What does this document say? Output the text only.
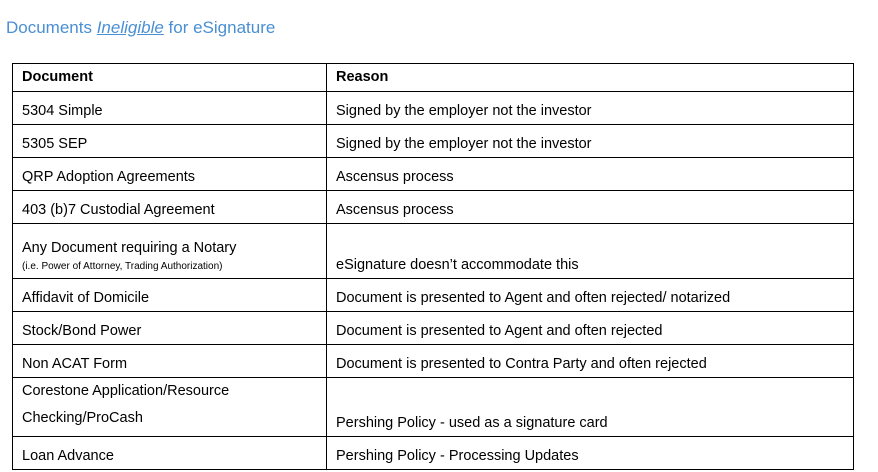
Documents Ineligible for eSignature
Document	Reason
5304 Simple	Signed by the employer not the investor
5305 SEP	Signed by the employer not the investor
QRP Adoption Agreements	Ascensus process
403 (b)7 Custodial Agreement	Ascensus process
Any Document requiring a Notary
(i.e. Power of Attorney, Trading Authorization)	eSignature doesn’t accommodate this
Affidavit of Domicile	Document is presented to Agent and often rejected/ notarized
Stock/Bond Power	Document is presented to Agent and often rejected
Non ACAT Form	Document is presented to Contra Party and often rejected

Corestone Application/Resource
Checking/ProCash	Pershing Policy - used as a signature card
Loan Advance	Pershing Policy - Processing Updates
